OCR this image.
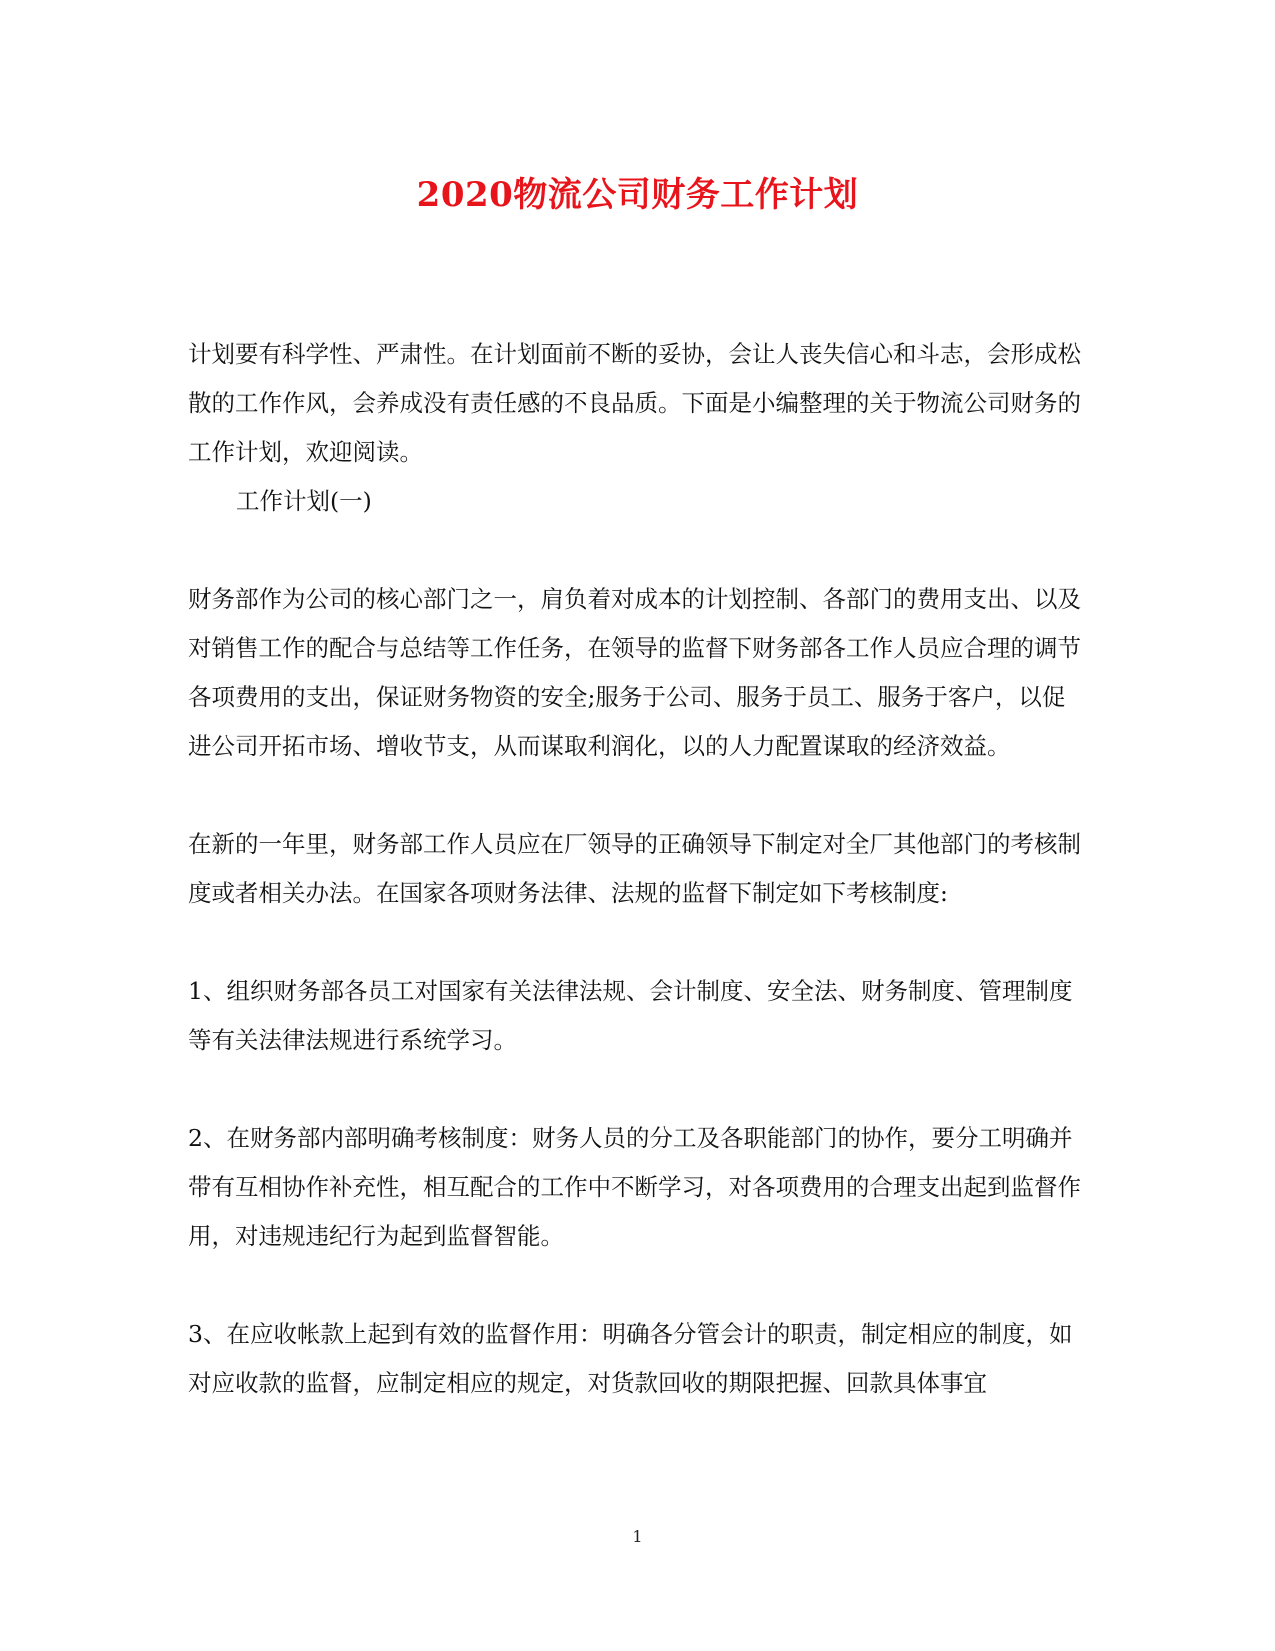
2020物流公司财务工作计划

计划要有科学性、严肃性。在计划面前不断的妥协，会让人丧失信心和斗志，会形成松散的工作作风，会养成没有责任感的不良品质。下面是小编整理的关于物流公司财务的工作计划，欢迎阅读。

工作计划(一)

财务部作为公司的核心部门之一，肩负着对成本的计划控制、各部门的费用支出、以及对销售工作的配合与总结等工作任务，在领导的监督下财务部各工作人员应合理的调节各项费用的支出，保证财务物资的安全;服务于公司、服务于员工、服务于客户，以促进公司开拓市场、增收节支，从而谋取利润化，以的人力配置谋取的经济效益。

在新的一年里，财务部工作人员应在厂领导的正确领导下制定对全厂其他部门的考核制度或者相关办法。在国家各项财务法律、法规的监督下制定如下考核制度:

1、组织财务部各员工对国家有关法律法规、会计制度、安全法、财务制度、管理制度等有关法律法规进行系统学习。

2、在财务部内部明确考核制度：财务人员的分工及各职能部门的协作，要分工明确并带有互相协作补充性，相互配合的工作中不断学习，对各项费用的合理支出起到监督作用，对违规违纪行为起到监督智能。

3、在应收帐款上起到有效的监督作用：明确各分管会计的职责，制定相应的制度，如对应收款的监督，应制定相应的规定，对货款回收的期限把握、回款具体事宜

1
